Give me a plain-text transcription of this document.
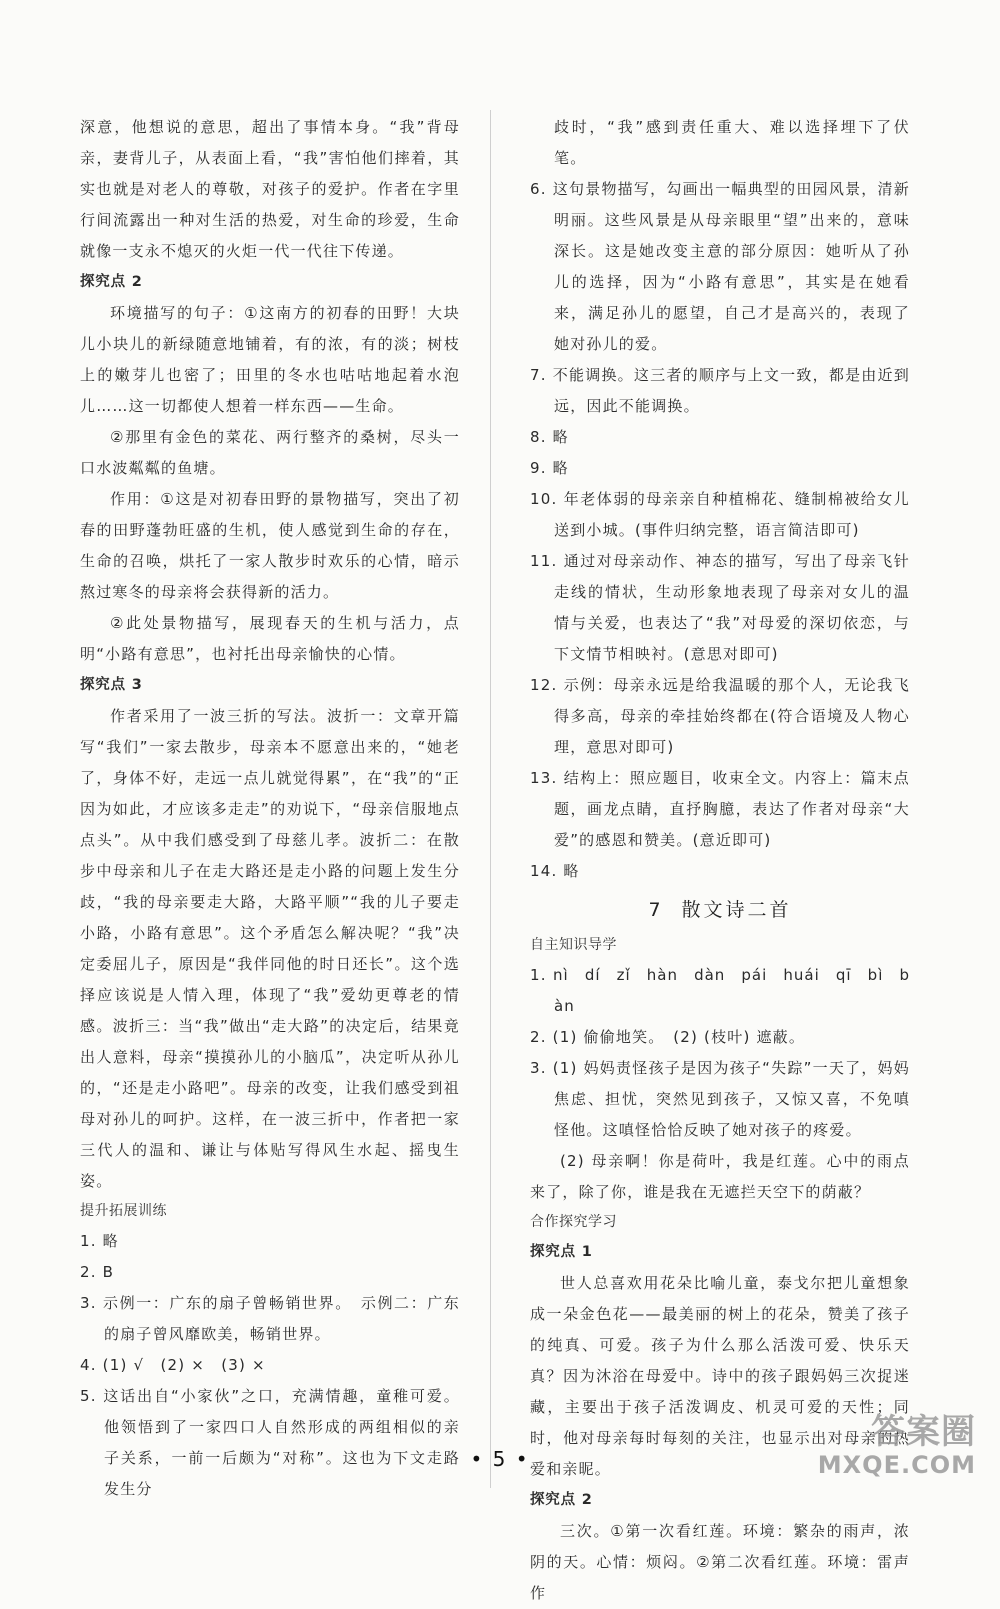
深意，他想说的意思，超出了事情本身。“我”背母亲，妻背儿子，从表面上看，“我”害怕他们摔着，其实也就是对老人的尊敬，对孩子的爱护。作者在字里行间流露出一种对生活的热爱，对生命的珍爱，生命就像一支永不熄灭的火炬一代一代往下传递。

探究点 2

环境描写的句子：①这南方的初春的田野！大块儿小块儿的新绿随意地铺着，有的浓，有的淡；树枝上的嫩芽儿也密了；田里的冬水也咕咕地起着水泡儿……这一切都使人想着一样东西——生命。

②那里有金色的菜花、两行整齐的桑树，尽头一口水波粼粼的鱼塘。

作用：①这是对初春田野的景物描写，突出了初春的田野蓬勃旺盛的生机，使人感觉到生命的存在，生命的召唤，烘托了一家人散步时欢乐的心情，暗示熬过寒冬的母亲将会获得新的活力。

②此处景物描写，展现春天的生机与活力，点明“小路有意思”，也衬托出母亲愉快的心情。

探究点 3

作者采用了一波三折的写法。波折一：文章开篇写“我们”一家去散步，母亲本不愿意出来的，“她老了，身体不好，走远一点儿就觉得累”，在“我”的“正因为如此，才应该多走走”的劝说下，“母亲信服地点点头”。从中我们感受到了母慈儿孝。波折二：在散步中母亲和儿子在走大路还是走小路的问题上发生分歧，“我的母亲要走大路，大路平顺”“我的儿子要走小路，小路有意思”。这个矛盾怎么解决呢？“我”决定委屈儿子，原因是“我伴同他的时日还长”。这个选择应该说是人情入理，体现了“我”爱幼更尊老的情感。波折三：当“我”做出“走大路”的决定后，结果竟出人意料，母亲“摸摸孙儿的小脑瓜”，决定听从孙儿的，“还是走小路吧”。母亲的改变，让我们感受到祖母对孙儿的呵护。这样，在一波三折中，作者把一家三代人的温和、谦让与体贴写得风生水起、摇曳生姿。

提升拓展训练

1. 略

2. B

3. 示例一：广东的扇子曾畅销世界。　示例二：广东的扇子曾风靡欧美，畅销世界。

4. (1) √　(2) ×　(3) ×

5. 这话出自“小家伙”之口，充满情趣，童稚可爱。他领悟到了一家四口人自然形成的两组相似的亲子关系，一前一后颇为“对称”。这也为下文走路发生分

歧时，“我”感到责任重大、难以选择埋下了伏笔。

6. 这句景物描写，勾画出一幅典型的田园风景，清新明丽。这些风景是从母亲眼里“望”出来的，意味深长。这是她改变主意的部分原因：她听从了孙儿的选择，因为“小路有意思”，其实是在她看来，满足孙儿的愿望，自己才是高兴的，表现了她对孙儿的爱。

7. 不能调换。这三者的顺序与上文一致，都是由近到远，因此不能调换。

8. 略

9. 略

10. 年老体弱的母亲亲自种植棉花、缝制棉被给女儿送到小城。(事件归纳完整，语言简洁即可)

11. 通过对母亲动作、神态的描写，写出了母亲飞针走线的情状，生动形象地表现了母亲对女儿的温情与关爱，也表达了“我”对母爱的深切依恋，与下文情节相映衬。(意思对即可)

12. 示例：母亲永远是给我温暖的那个人，无论我飞得多高，母亲的牵挂始终都在(符合语境及人物心理，意思对即可)

13. 结构上：照应题目，收束全文。内容上：篇末点题，画龙点睛，直抒胸臆，表达了作者对母亲“大爱”的感恩和赞美。(意近即可)

14. 略

7 散文诗二首
自主知识导学

1. nì dí zǐ hàn dàn pái huái qī bì bàn

2. (1) 偷偷地笑。　(2) (枝叶) 遮蔽。

3. (1) 妈妈责怪孩子是因为孩子“失踪”一天了，妈妈焦虑、担忧，突然见到孩子，又惊又喜，不免嗔怪他。这嗔怪恰恰反映了她对孩子的疼爱。

(2) 母亲啊！你是荷叶，我是红莲。心中的雨点来了，除了你，谁是我在无遮拦天空下的荫蔽？

合作探究学习
探究点 1

世人总喜欢用花朵比喻儿童，泰戈尔把儿童想象成一朵金色花——最美丽的树上的花朵，赞美了孩子的纯真、可爱。孩子为什么那么活泼可爱、快乐天真？因为沐浴在母爱中。诗中的孩子跟妈妈三次捉迷藏，主要出于孩子活泼调皮、机灵可爱的天性；同时，他对母亲每时每刻的关注，也显示出对母亲的热爱和亲昵。

探究点 2

三次。①第一次看红莲。环境：繁杂的雨声，浓阴的天。心情：烦闷。②第二次看红莲。环境：雷声作

• 5 •
答案圈
MXQE.COM
